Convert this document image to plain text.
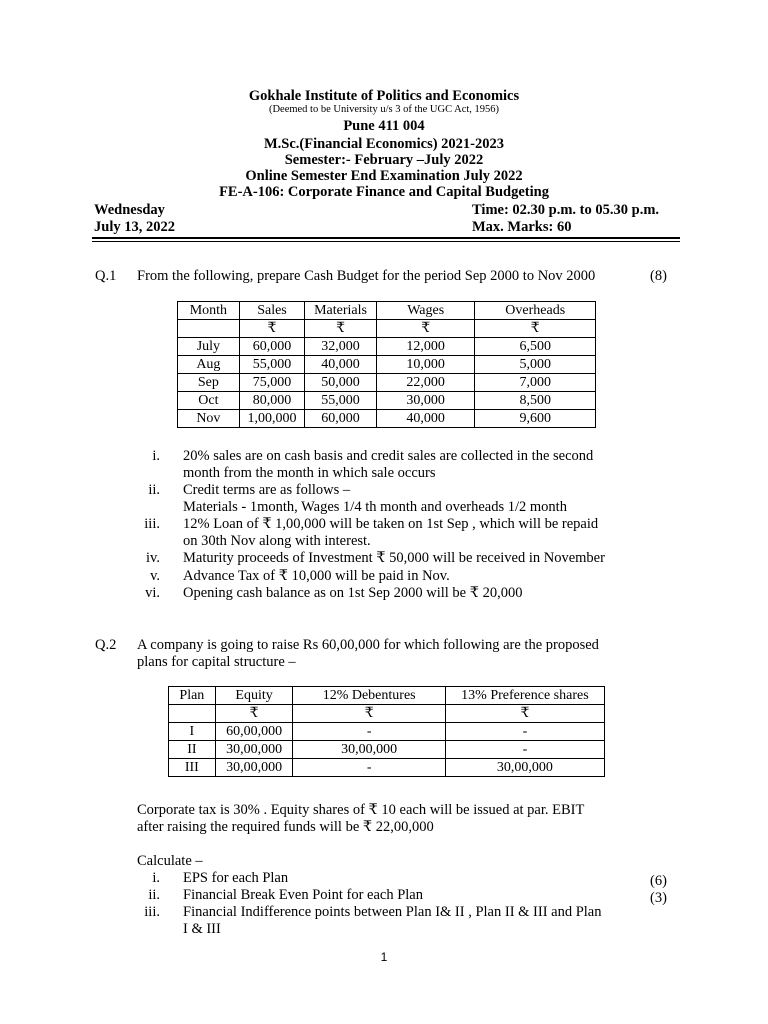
Gokhale Institute of Politics and Economics
(Deemed to be University u/s 3 of the UGC Act, 1956)
Pune 411 004
M.Sc.(Financial Economics) 2021-2023
Semester:- February –July 2022
Online Semester End Examination July 2022
FE-A-106: Corporate Finance and Capital Budgeting
Wednesday
July 13, 2022
Time: 02.30 p.m. to 05.30 p.m.
Max. Marks: 60
Q.1 From the following, prepare Cash Budget for the period Sep 2000 to Nov 2000	(8)
Month	Sales	Materials	Wages	Overheads
	₹	₹	₹	₹
July	60,000	32,000	12,000	6,500
Aug	55,000	40,000	10,000	5,000
Sep	75,000	50,000	22,000	7,000
Oct	80,000	55,000	30,000	8,500
Nov	1,00,000	60,000	40,000	9,600
i. 20% sales are on cash basis and credit sales are collected in the second
month from the month in which sale occurs
ii. Credit terms are as follows –
Materials - 1month, Wages 1/4 th month and overheads 1/2 month
iii. 12% Loan of ₹ 1,00,000 will be taken on 1st Sep , which will be repaid
on 30th Nov along with interest.
iv. Maturity proceeds of Investment ₹ 50,000 will be received in November
v. Advance Tax of ₹ 10,000 will be paid in Nov.
vi. Opening cash balance as on 1st Sep 2000 will be ₹ 20,000
Q.2 A company is going to raise Rs 60,00,000 for which following are the proposed
plans for capital structure –
Plan	Equity	12% Debentures	13% Preference shares
	₹	₹	₹
I	60,00,000	-	-
II	30,00,000	30,00,000	-
III	30,00,000	-	30,00,000
Corporate tax is 30% . Equity shares of ₹ 10 each will be issued at par. EBIT
after raising the required funds will be ₹ 22,00,000
Calculate –
i. EPS for each Plan	(6)
ii. Financial Break Even Point for each Plan	(3)
iii. Financial Indifference points between Plan I& II , Plan II & III and Plan
I & III
1
